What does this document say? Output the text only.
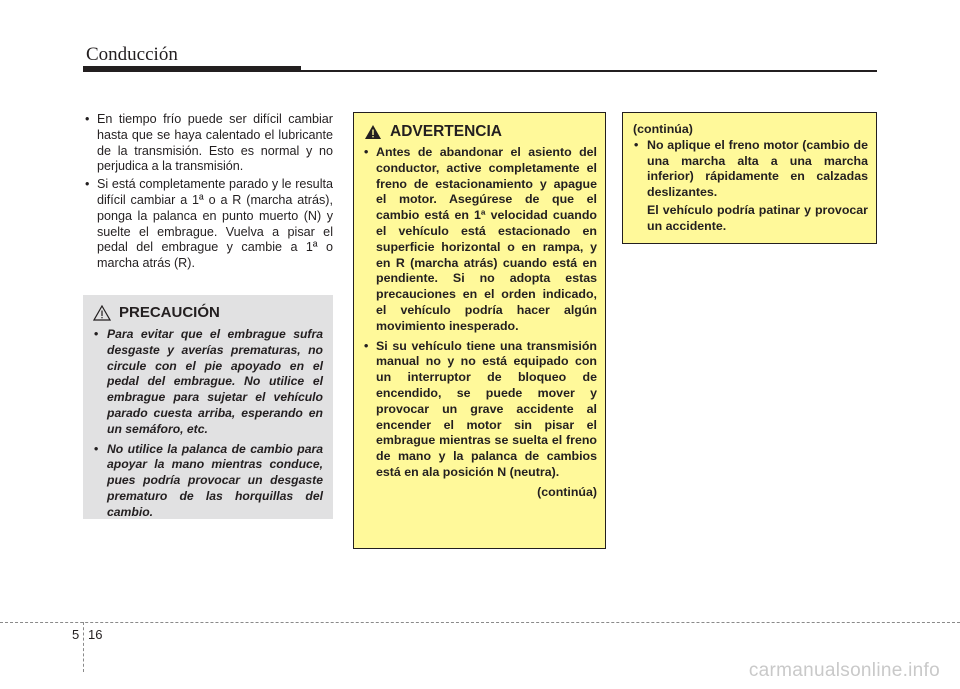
Conducción
• En tiempo frío puede ser difícil cambiar hasta que se haya calentado el lubricante de la transmisión. Esto es normal y no perjudica a la transmisión.
• Si está completamente parado y le resulta difícil cambiar a 1ª o a R (marcha atrás), ponga la palanca en punto muerto (N) y suelte el embrague. Vuelva a pisar el pedal del embrague y cambie a 1ª o marcha atrás (R).
PRECAUCIÓN
• Para evitar que el embrague sufra desgaste y averías prematuras, no circule con el pie apoyado en el pedal del embrague. No utilice el embrague para sujetar el vehículo parado cuesta arriba, esperando en un semáforo, etc.
• No utilice la palanca de cambio para apoyar la mano mientras conduce, pues podría provocar un desgaste prematuro de las horquillas del cambio.
ADVERTENCIA
• Antes de abandonar el asiento del conductor, active completamente el freno de estacionamiento y apague el motor. Asegúrese de que el cambio está en 1ª velocidad cuando el vehículo está estacionado en superficie horizontal o en rampa, y en R (marcha atrás) cuando está en pendiente. Si no adopta estas precauciones en el orden indicado, el vehículo podría hacer algún movimiento inesperado.
• Si su vehículo tiene una transmisión manual no y no está equipado con un interruptor de bloqueo de encendido, se puede mover y provocar un grave accidente al encender el motor sin pisar el embrague mientras se suelta el freno de mano y la palanca de cambios está en ala posición N (neutra).
(continúa)
(continúa)
• No aplique el freno motor (cambio de una marcha alta a una marcha inferior) rápidamente en calzadas deslizantes.
El vehículo podría patinar y provocar un accidente.
5 16
carmanualsonline.info
